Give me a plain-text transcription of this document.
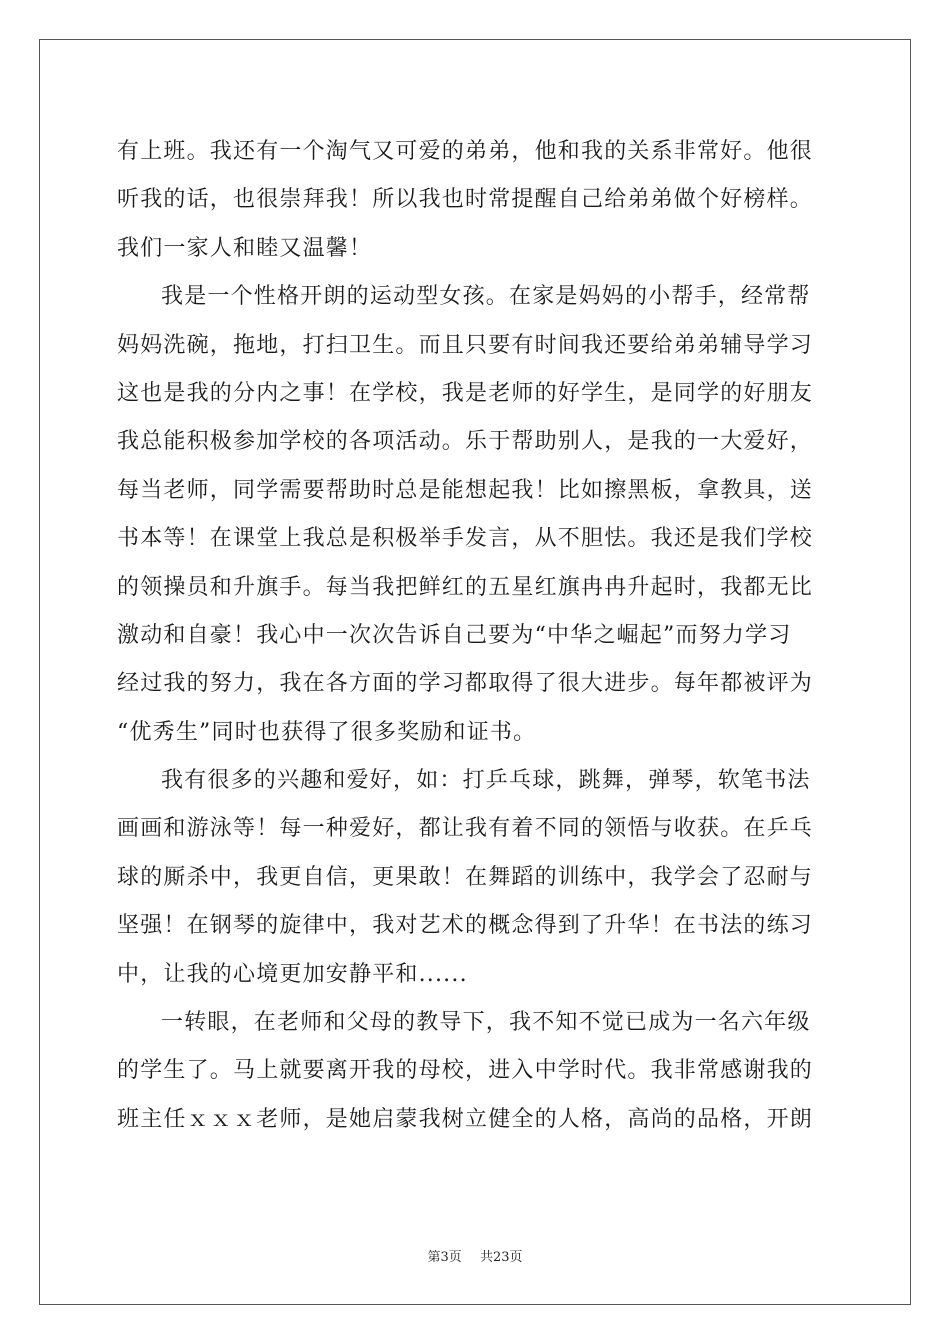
有上班。我还有一个淘气又可爱的弟弟，他和我的关系非常好。他很
听我的话，也很崇拜我！所以我也时常提醒自己给弟弟做个好榜样。
我们一家人和睦又温馨！
我是一个性格开朗的运动型女孩。在家是妈妈的小帮手，经常帮
妈妈洗碗，拖地，打扫卫生。而且只要有时间我还要给弟弟辅导学习
这也是我的分内之事！在学校，我是老师的好学生，是同学的好朋友
我总能积极参加学校的各项活动。乐于帮助别人，是我的一大爱好，
每当老师，同学需要帮助时总是能想起我！比如擦黑板，拿教具，送
书本等！在课堂上我总是积极举手发言，从不胆怯。我还是我们学校
的领操员和升旗手。每当我把鲜红的五星红旗冉冉升起时，我都无比
激动和自豪！我心中一次次告诉自己要为“中华之崛起”而努力学习
经过我的努力，我在各方面的学习都取得了很大进步。每年都被评为
“优秀生”同时也获得了很多奖励和证书。
我有很多的兴趣和爱好，如：打乒乓球，跳舞，弹琴，软笔书法
画画和游泳等！每一种爱好，都让我有着不同的领悟与收获。在乒乓
球的厮杀中，我更自信，更果敢！在舞蹈的训练中，我学会了忍耐与
坚强！在钢琴的旋律中，我对艺术的概念得到了升华！在书法的练习
中，让我的心境更加安静平和......
一转眼，在老师和父母的教导下，我不知不觉已成为一名六年级
的学生了。马上就要离开我的母校，进入中学时代。我非常感谢我的
班主任ｘｘｘ老师，是她启蒙我树立健全的人格，高尚的品格，开朗
第3页 共23页
